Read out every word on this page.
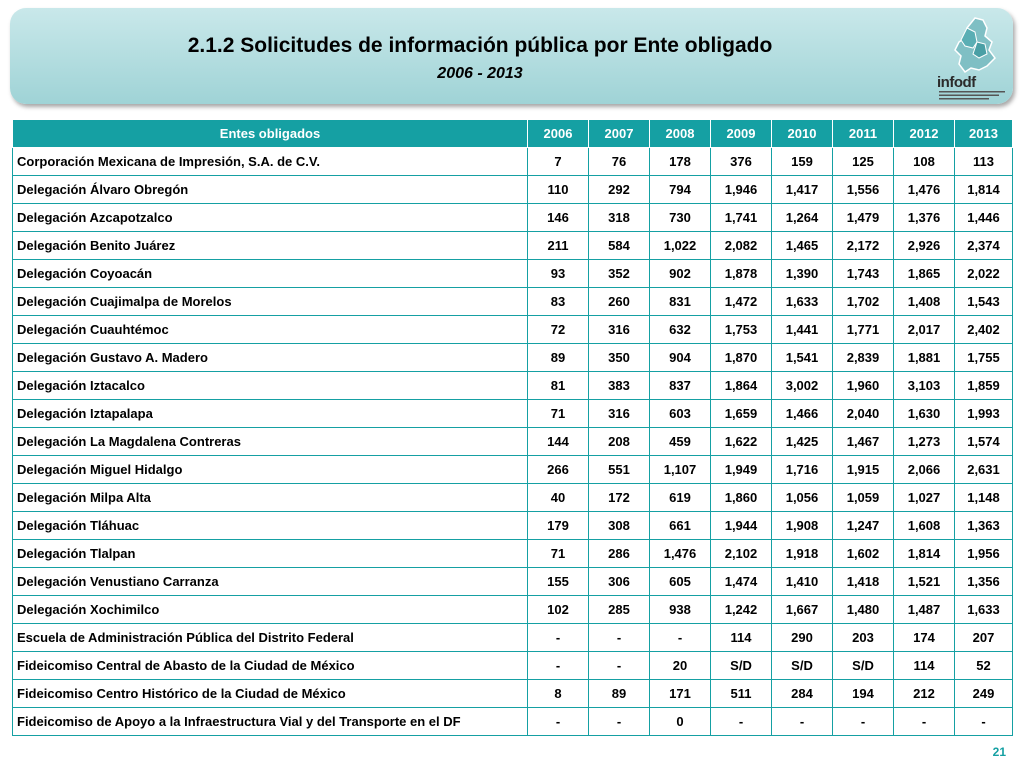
2.1.2 Solicitudes de información pública por Ente obligado
2006 - 2013
infodf
Entes obligados	2006	2007	2008	2009	2010	2011	2012	2013
Corporación Mexicana de Impresión, S.A. de C.V.	7	76	178	376	159	125	108	113
Delegación Álvaro Obregón	110	292	794	1,946	1,417	1,556	1,476	1,814
Delegación Azcapotzalco	146	318	730	1,741	1,264	1,479	1,376	1,446
Delegación Benito Juárez	211	584	1,022	2,082	1,465	2,172	2,926	2,374
Delegación Coyoacán	93	352	902	1,878	1,390	1,743	1,865	2,022
Delegación Cuajimalpa de Morelos	83	260	831	1,472	1,633	1,702	1,408	1,543
Delegación Cuauhtémoc	72	316	632	1,753	1,441	1,771	2,017	2,402
Delegación Gustavo A. Madero	89	350	904	1,870	1,541	2,839	1,881	1,755
Delegación Iztacalco	81	383	837	1,864	3,002	1,960	3,103	1,859
Delegación Iztapalapa	71	316	603	1,659	1,466	2,040	1,630	1,993
Delegación La Magdalena Contreras	144	208	459	1,622	1,425	1,467	1,273	1,574
Delegación Miguel Hidalgo	266	551	1,107	1,949	1,716	1,915	2,066	2,631
Delegación Milpa Alta	40	172	619	1,860	1,056	1,059	1,027	1,148
Delegación Tláhuac	179	308	661	1,944	1,908	1,247	1,608	1,363
Delegación Tlalpan	71	286	1,476	2,102	1,918	1,602	1,814	1,956
Delegación Venustiano Carranza	155	306	605	1,474	1,410	1,418	1,521	1,356
Delegación Xochimilco	102	285	938	1,242	1,667	1,480	1,487	1,633
Escuela de Administración Pública del Distrito Federal	-	-	-	114	290	203	174	207
Fideicomiso Central de Abasto de la Ciudad de México	-	-	20	S/D	S/D	S/D	114	52
Fideicomiso Centro Histórico de la Ciudad de México	8	89	171	511	284	194	212	249
Fideicomiso de Apoyo a la Infraestructura Vial y del Transporte en el DF	-	-	0	-	-	-	-	-
21
